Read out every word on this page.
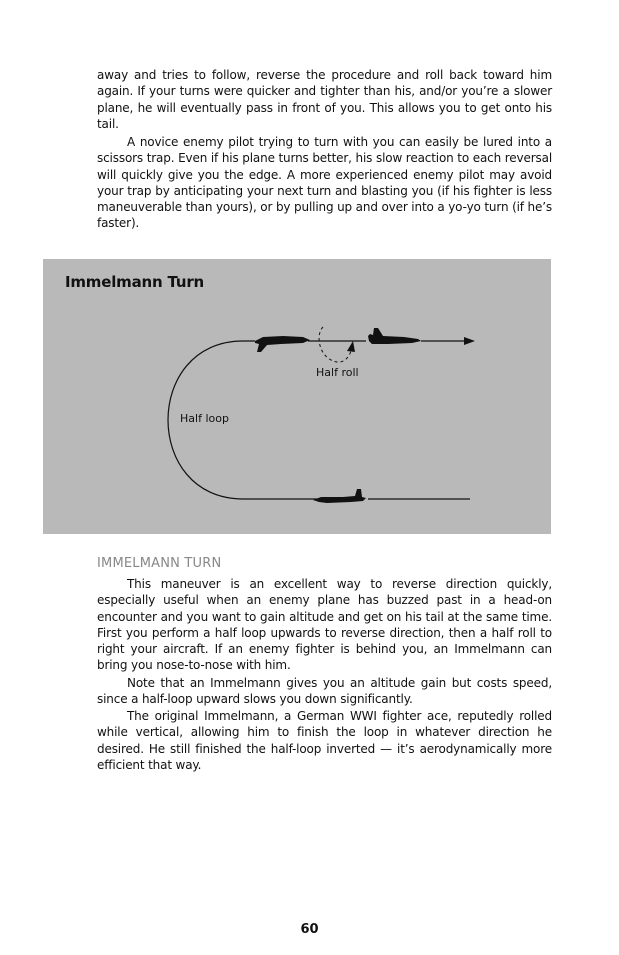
away and tries to follow, reverse the procedure and roll back toward him again. If your turns were quicker and tighter than his, and/or you’re a slower plane, he will eventually pass in front of you. This allows you to get onto his tail.

A novice enemy pilot trying to turn with you can easily be lured into a scissors trap. Even if his plane turns better, his slow reaction to each reversal will quickly give you the edge. A more experienced enemy pilot may avoid your trap by anticipating your next turn and blasting you (if his fighter is less maneuverable than yours), or by pulling up and over into a yo-yo turn (if he’s faster).

Immelmann Turn
Half roll
Half loop
IMMELMANN TURN

This maneuver is an excellent way to reverse direction quickly, especially useful when an enemy plane has buzzed past in a head-on encounter and you want to gain altitude and get on his tail at the same time. First you perform a half loop upwards to reverse direction, then a half roll to right your aircraft. If an enemy fighter is behind you, an Immelmann can bring you nose-to-nose with him.

Note that an Immelmann gives you an altitude gain but costs speed, since a half-loop upward slows you down significantly.

The original Immelmann, a German WWI fighter ace, reputedly rolled while vertical, allowing him to finish the loop in whatever direction he desired. He still finished the half-loop inverted — it’s aerodynamically more efficient that way.

60
